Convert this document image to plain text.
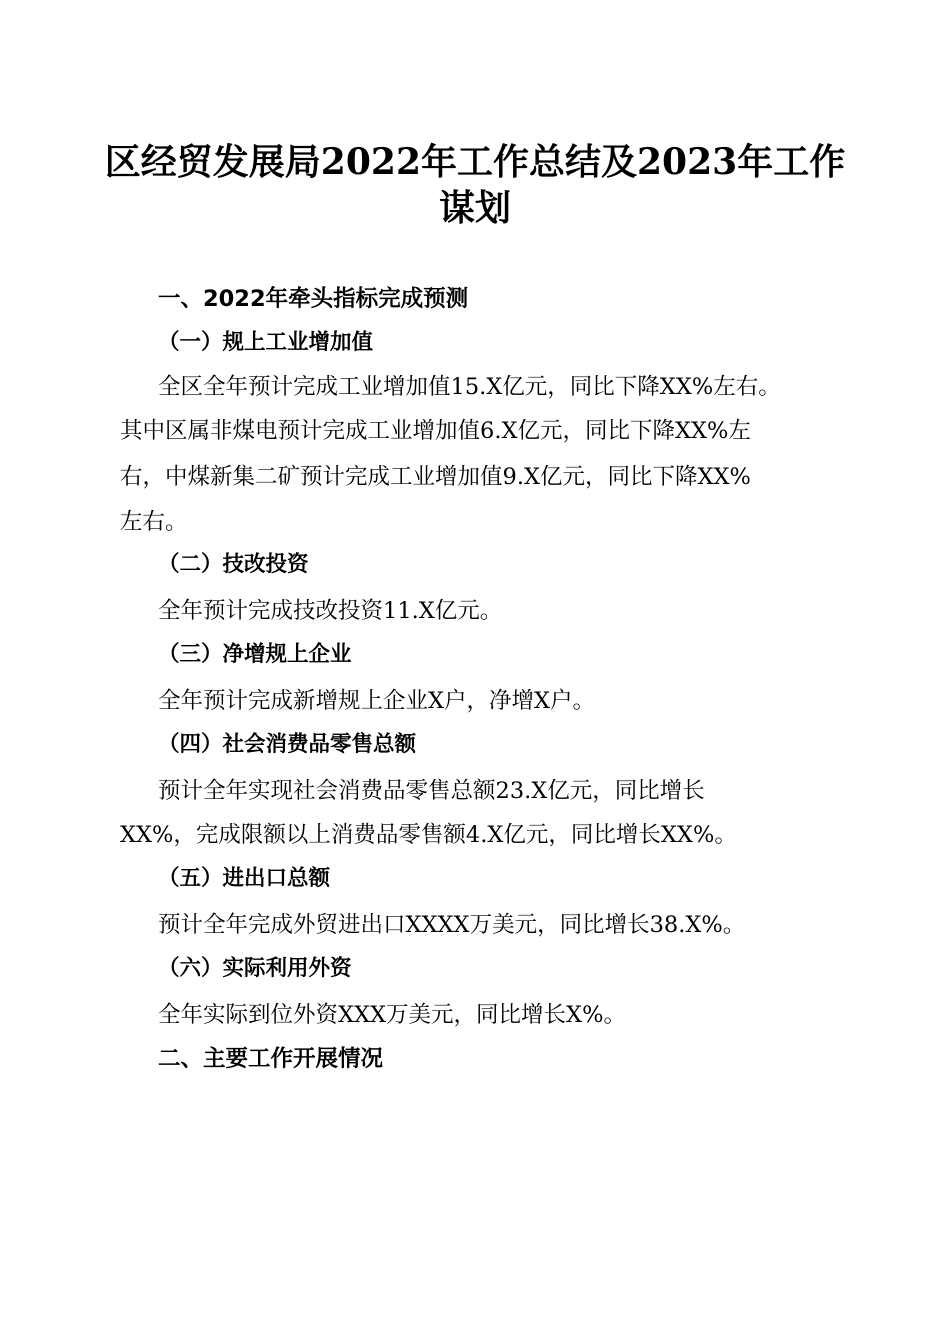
区经贸发展局2022年工作总结及2023年工作
谋划

一、2022年牵头指标完成预测

（一）规上工业增加值

全区全年预计完成工业增加值15.X亿元，同比下降XX%左右。

其中区属非煤电预计完成工业增加值6.X亿元，同比下降XX%左

右，中煤新集二矿预计完成工业增加值9.X亿元，同比下降XX%

左右。

（二）技改投资

全年预计完成技改投资11.X亿元。

（三）净增规上企业

全年预计完成新增规上企业X户，净增X户。

（四）社会消费品零售总额

预计全年实现社会消费品零售总额23.X亿元，同比增长

XX%，完成限额以上消费品零售额4.X亿元，同比增长XX%。

（五）进出口总额

预计全年完成外贸进出口XXXX万美元，同比增长38.X%。

（六）实际利用外资

全年实际到位外资XXX万美元，同比增长X%。

二、主要工作开展情况
